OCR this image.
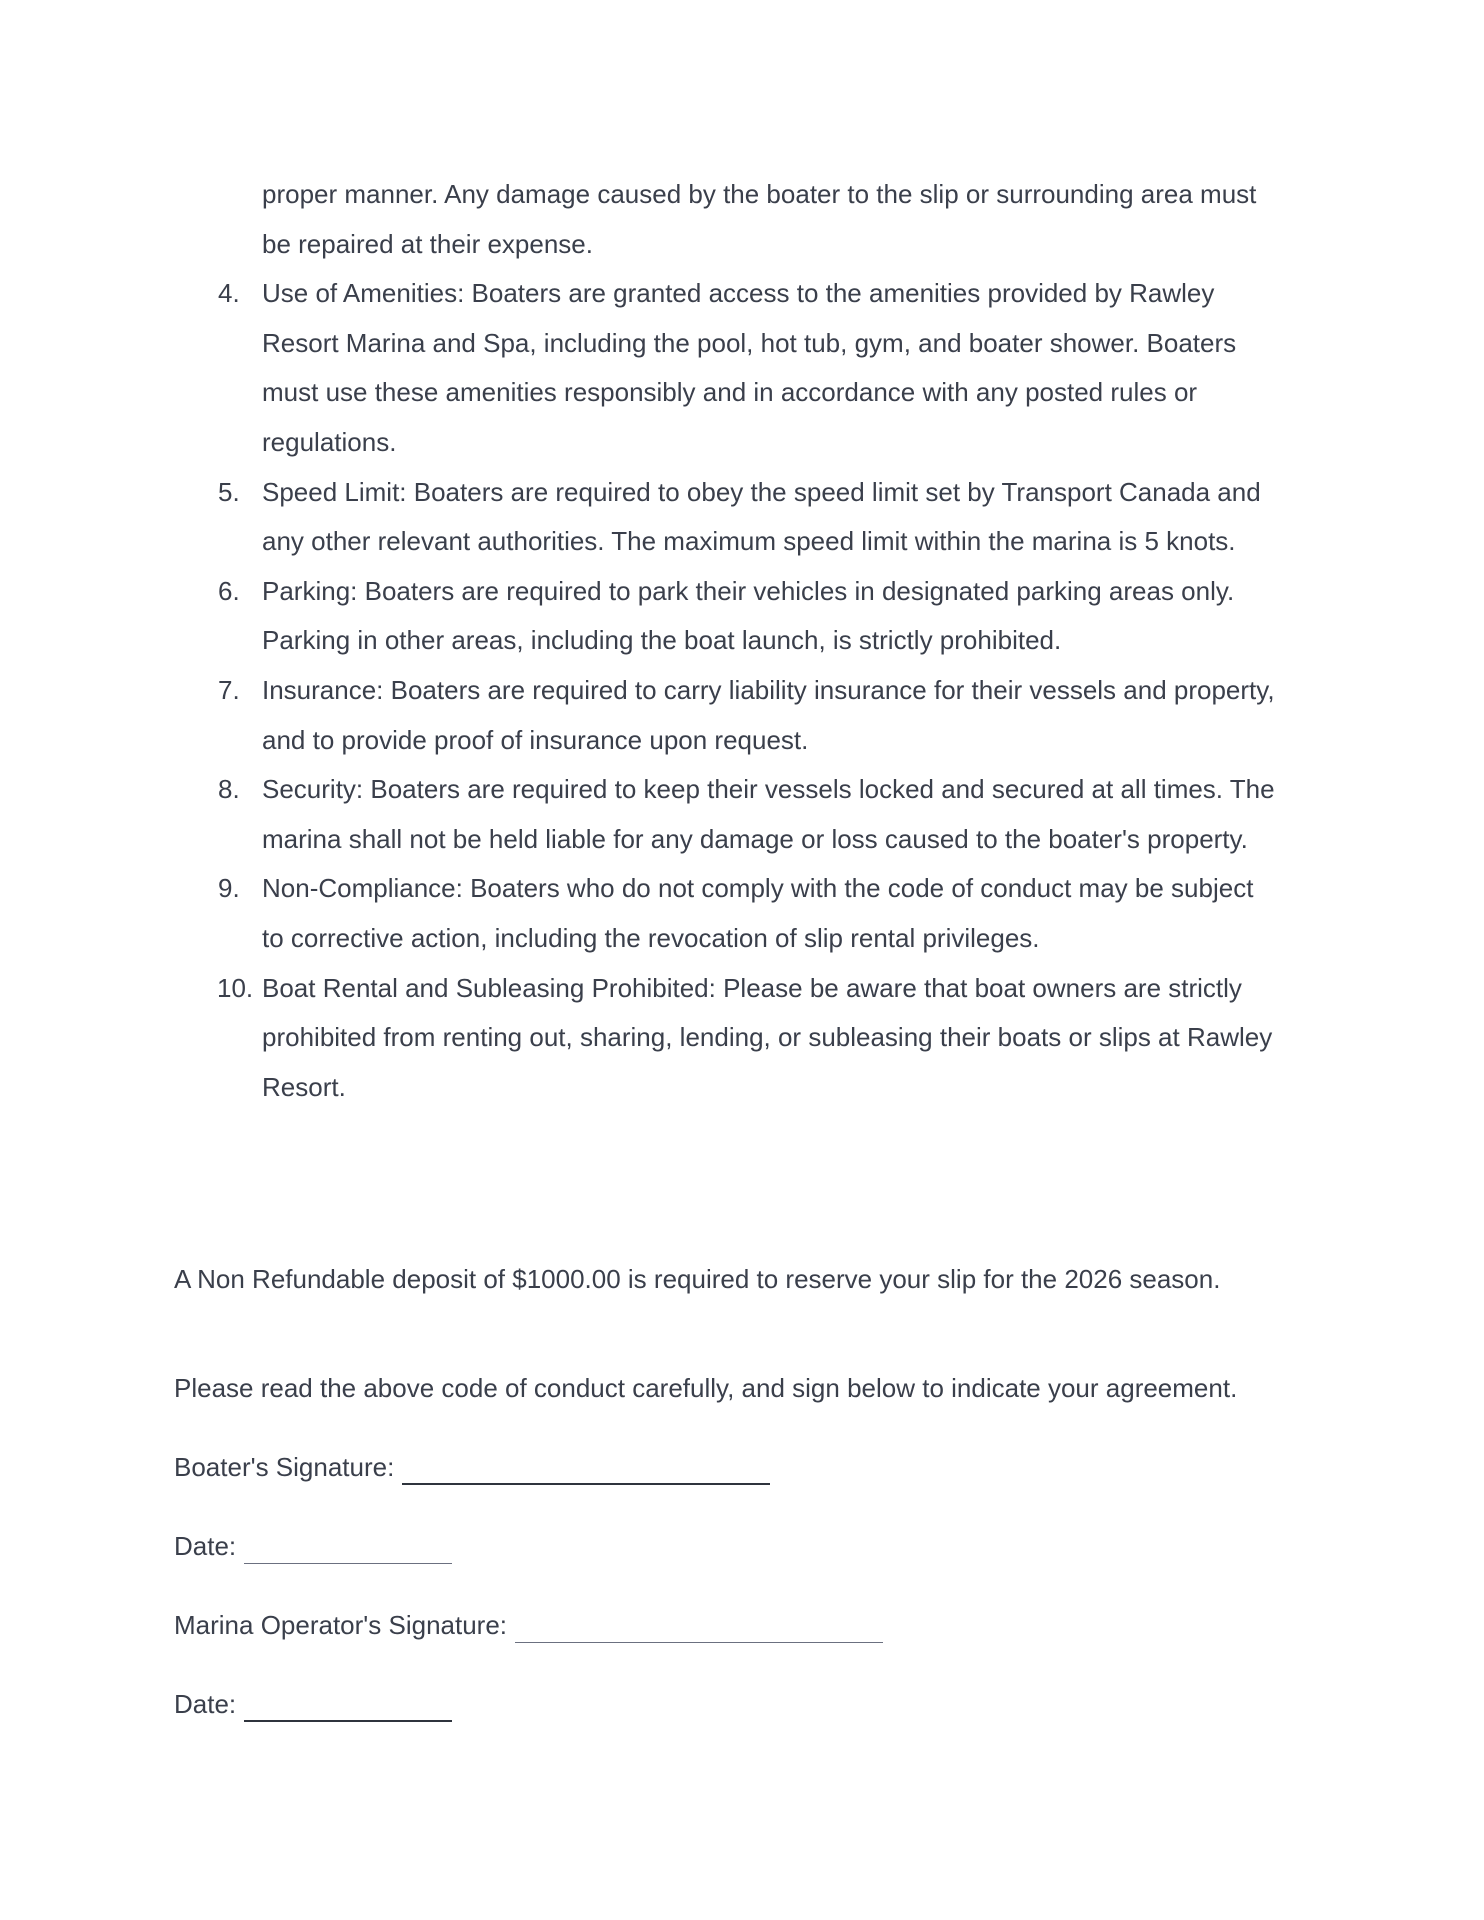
proper manner. Any damage caused by the boater to the slip or surrounding area must
be repaired at their expense.
4. Use of Amenities: Boaters are granted access to the amenities provided by Rawley
Resort Marina and Spa, including the pool, hot tub, gym, and boater shower. Boaters
must use these amenities responsibly and in accordance with any posted rules or
regulations.
5. Speed Limit: Boaters are required to obey the speed limit set by Transport Canada and
any other relevant authorities. The maximum speed limit within the marina is 5 knots.
6. Parking: Boaters are required to park their vehicles in designated parking areas only.
Parking in other areas, including the boat launch, is strictly prohibited.
7. Insurance: Boaters are required to carry liability insurance for their vessels and property,
and to provide proof of insurance upon request.
8. Security: Boaters are required to keep their vessels locked and secured at all times. The
marina shall not be held liable for any damage or loss caused to the boater's property.
9. Non-Compliance: Boaters who do not comply with the code of conduct may be subject
to corrective action, including the revocation of slip rental privileges.
10. Boat Rental and Subleasing Prohibited: Please be aware that boat owners are strictly
prohibited from renting out, sharing, lending, or subleasing their boats or slips at Rawley
Resort.
A Non Refundable deposit of $1000.00 is required to reserve your slip for the 2026 season.
Please read the above code of conduct carefully, and sign below to indicate your agreement.
Boater's Signature:
Date:
Marina Operator's Signature:
Date:
